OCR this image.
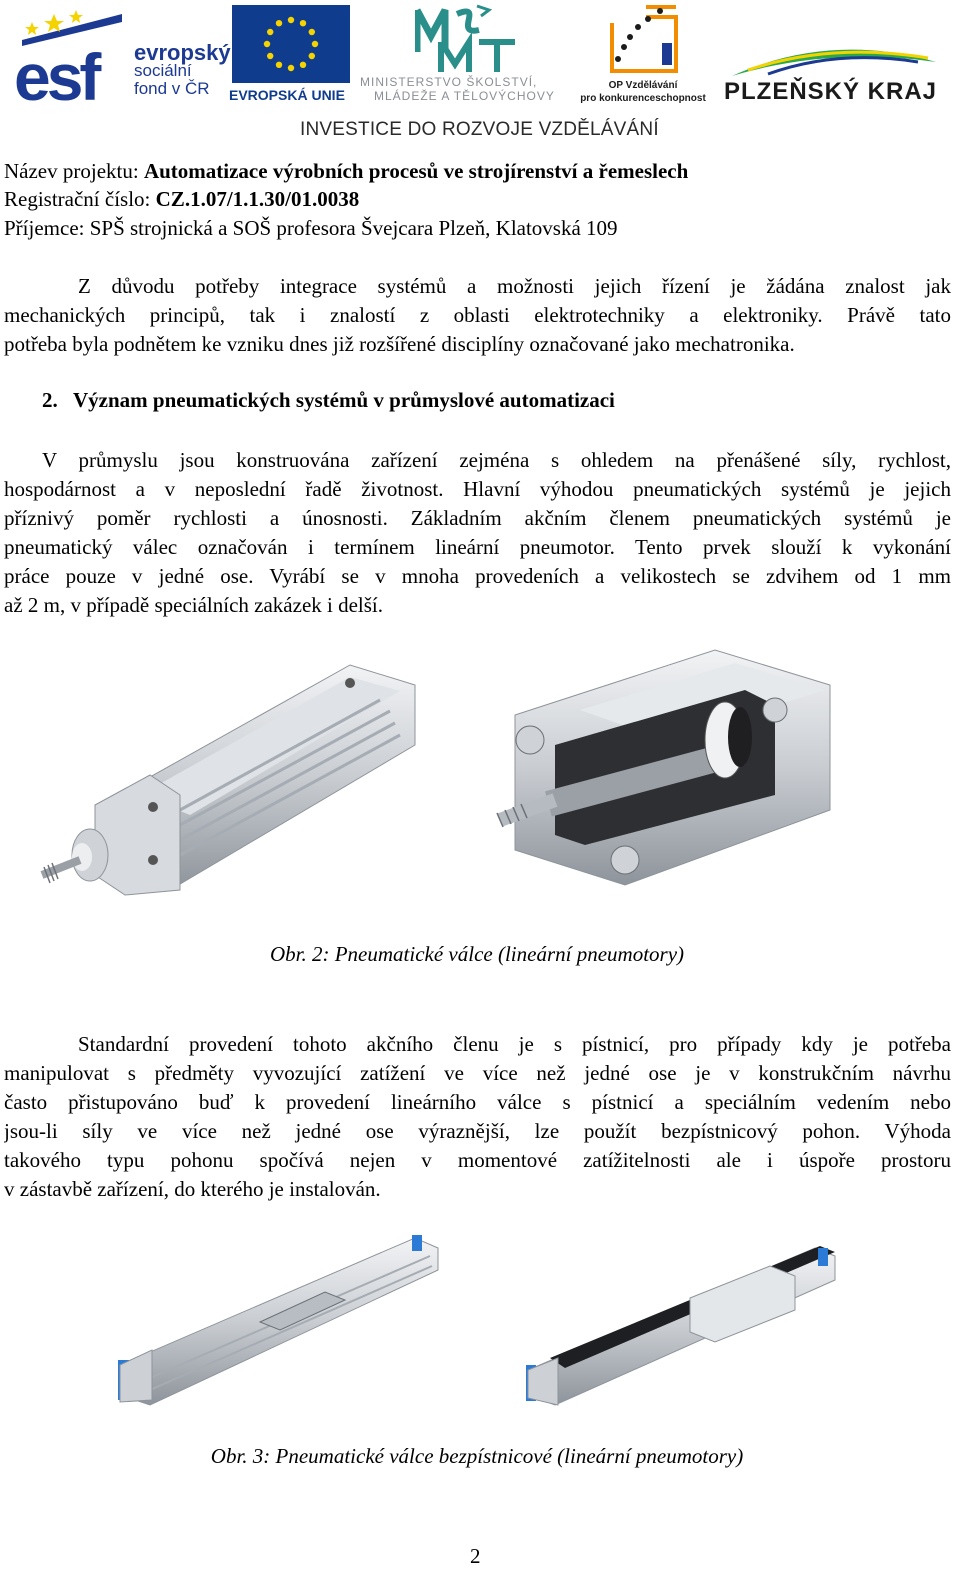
esf evropský
sociální
fond v ČR	EVROPSKÁ UNIE
MINISTERSTVO ŠKOLSTVÍ,
MLÁDEŽE A TĚLOVÝCHOVY
OP Vzdělávání
pro konkurenceschopnost PLZEŇSKÝ KRAJ
INVESTICE DO ROZVOJE VZDĚLÁVÁNÍ
Název projektu: Automatizace výrobních procesů ve strojírenství a řemeslech
Registrační číslo: CZ.1.07/1.1.30/01.0038
Příjemce: SPŠ strojnická a SOŠ profesora Švejcara Plzeň, Klatovská 109
Z důvodu potřeby integrace systémů a možnosti jejich řízení je žádána znalost jak
mechanických principů, tak i znalostí z oblasti elektrotechniky a elektroniky. Právě tato
potřeba byla podnětem ke vzniku dnes již rozšířené disciplíny označované jako mechatronika.
2. Význam pneumatických systémů v průmyslové automatizaci
V průmyslu jsou konstruována zařízení zejména s ohledem na přenášené síly, rychlost,
hospodárnost a v neposlední řadě životnost. Hlavní výhodou pneumatických systémů je jejich
příznivý poměr rychlosti a únosnosti. Základním akčním členem pneumatických systémů je
pneumatický válec označován i termínem lineární pneumotor. Tento prvek slouží k vykonání
práce pouze v jedné ose. Vyrábí se v mnoha provedeních a velikostech se zdvihem od 1 mm
až 2 m, v případě speciálních zakázek i delší.
Obr. 2: Pneumatické válce (lineární pneumotory)
Standardní provedení tohoto akčního členu je s pístnicí, pro případy kdy je potřeba
manipulovat s předměty vyvozující zatížení ve více než jedné ose je v konstrukčním návrhu
často přistupováno buď k provedení lineárního válce s pístnicí a speciálním vedením nebo
jsou-li síly ve více než jedné ose výraznější, lze použít bezpístnicový pohon. Výhoda
takového typu pohonu spočívá nejen v momentové zatížitelnosti ale i úspoře prostoru
v zástavbě zařízení, do kterého je instalován.
Obr. 3: Pneumatické válce bezpístnicové (lineární pneumotory)
2
